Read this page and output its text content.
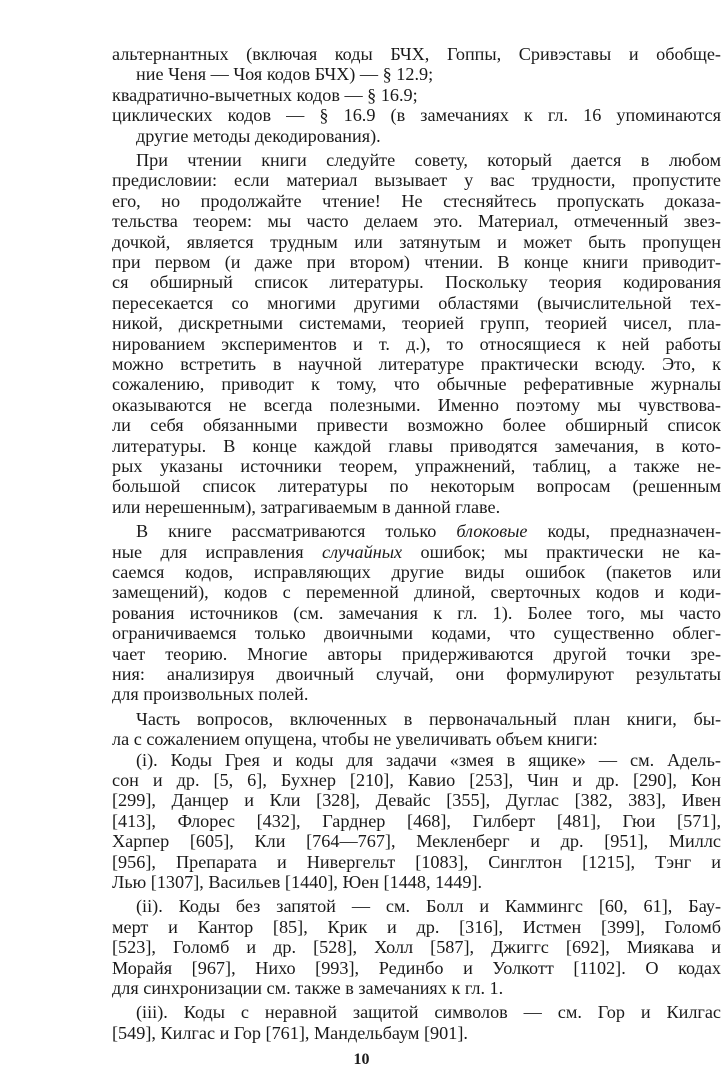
альтернантных (включая коды БЧХ, Гоппы, Сривэставы и обобще-
ние Ченя — Чоя кодов БЧХ) — § 12.9;
квадратично-вычетных кодов — § 16.9;
циклических кодов — § 16.9 (в замечаниях к гл. 16 упоминаются
другие методы декодирования).
При чтении книги следуйте совету, который дается в любом
предисловии: если материал вызывает у вас трудности, пропустите
его, но продолжайте чтение! Не стесняйтесь пропускать доказа-
тельства теорем: мы часто делаем это. Материал, отмеченный звез-
дочкой, является трудным или затянутым и может быть пропущен
при первом (и даже при втором) чтении. В конце книги приводит-
ся обширный список литературы. Поскольку теория кодирования
пересекается со многими другими областями (вычислительной тех-
никой, дискретными системами, теорией групп, теорией чисел, пла-
нированием экспериментов и т. д.), то относящиеся к ней работы
можно встретить в научной литературе практически всюду. Это, к
сожалению, приводит к тому, что обычные реферативные журналы
оказываются не всегда полезными. Именно поэтому мы чувствова-
ли себя обязанными привести возможно более обширный список
литературы. В конце каждой главы приводятся замечания, в кото-
рых указаны источники теорем, упражнений, таблиц, а также не-
большой список литературы по некоторым вопросам (решенным
или нерешенным), затрагиваемым в данной главе.
В книге рассматриваются только блоковые коды, предназначен-
ные для исправления случайных ошибок; мы практически не ка-
саемся кодов, исправляющих другие виды ошибок (пакетов или
замещений), кодов с переменной длиной, сверточных кодов и коди-
рования источников (см. замечания к гл. 1). Более того, мы часто
ограничиваемся только двоичными кодами, что существенно облег-
чает теорию. Многие авторы придерживаются другой точки зре-
ния: анализируя двоичный случай, они формулируют результаты
для произвольных полей.
Часть вопросов, включенных в первоначальный план книги, бы-
ла с сожалением опущена, чтобы не увеличивать объем книги:
(i). Коды Грея и коды для задачи «змея в ящике» — см. Адель-
сон и др. [5, 6], Бухнер [210], Кавио [253], Чин и др. [290], Кон
[299], Данцер и Кли [328], Девайс [355], Дуглас [382, 383], Ивен
[413], Флорес [432], Гарднер [468], Гилберт [481], Гюи [571],
Харпер [605], Кли [764—767], Мекленберг и др. [951], Миллс
[956], Препарата и Нивергельт [1083], Синглтон [1215], Тэнг и
Лью [1307], Васильев [1440], Юен [1448, 1449].
(ii). Коды без запятой — см. Болл и Каммингс [60, 61], Бау-
мерт и Кантор [85], Крик и др. [316], Истмен [399], Голомб
[523], Голомб и др. [528], Холл [587], Джиггс [692], Миякава и
Морайя [967], Нихо [993], Рединбо и Уолкотт [1102]. О кодах
для синхронизации см. также в замечаниях к гл. 1.
(iii). Коды с неравной защитой символов — см. Гор и Килгас
[549], Килгас и Гор [761], Мандельбаум [901].
10
